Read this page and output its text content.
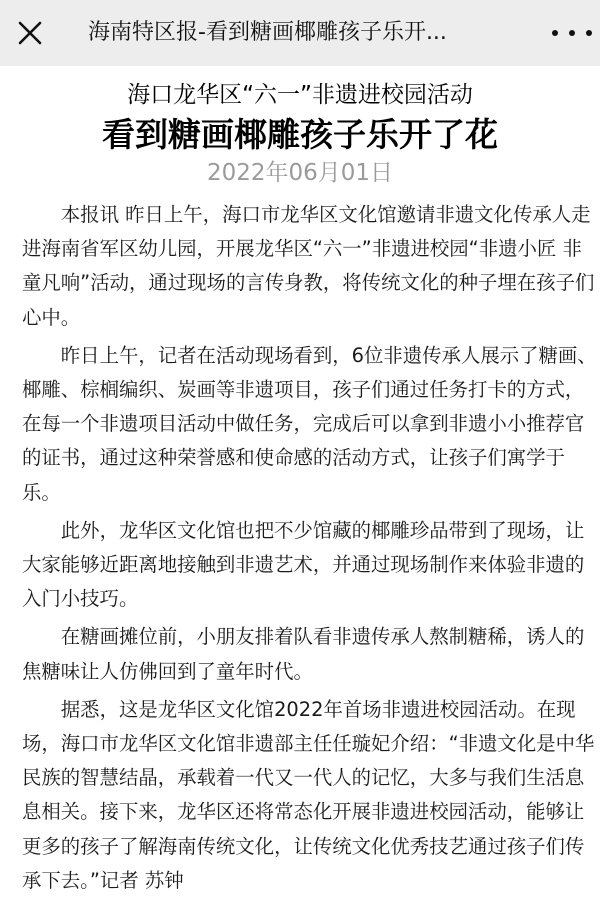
海南特区报-看到糖画椰雕孩子乐开...
海口龙华区“六一”非遗进校园活动
看到糖画椰雕孩子乐开了花
2022年06月01日

本报讯 昨日上午，海口市龙华区文化馆邀请非遗文化传承人走进海南省军区幼儿园，开展龙华区“六一”非遗进校园“非遗小匠 非童凡响”活动，通过现场的言传身教，将传统文化的种子埋在孩子们心中。

昨日上午，记者在活动现场看到，6位非遗传承人展示了糖画、椰雕、棕榈编织、炭画等非遗项目，孩子们通过任务打卡的方式，在每一个非遗项目活动中做任务，完成后可以拿到非遗小小推荐官的证书，通过这种荣誉感和使命感的活动方式，让孩子们寓学于乐。

此外，龙华区文化馆也把不少馆藏的椰雕珍品带到了现场，让大家能够近距离地接触到非遗艺术，并通过现场制作来体验非遗的入门小技巧。

在糖画摊位前，小朋友排着队看非遗传承人熬制糖稀，诱人的焦糖味让人仿佛回到了童年时代。

据悉，这是龙华区文化馆2022年首场非遗进校园活动。在现场，海口市龙华区文化馆非遗部主任任璇妃介绍：“非遗文化是中华民族的智慧结晶，承载着一代又一代人的记忆，大多与我们生活息息相关。接下来，龙华区还将常态化开展非遗进校园活动，能够让更多的孩子了解海南传统文化，让传统文化优秀技艺通过孩子们传承下去。”记者 苏钟
